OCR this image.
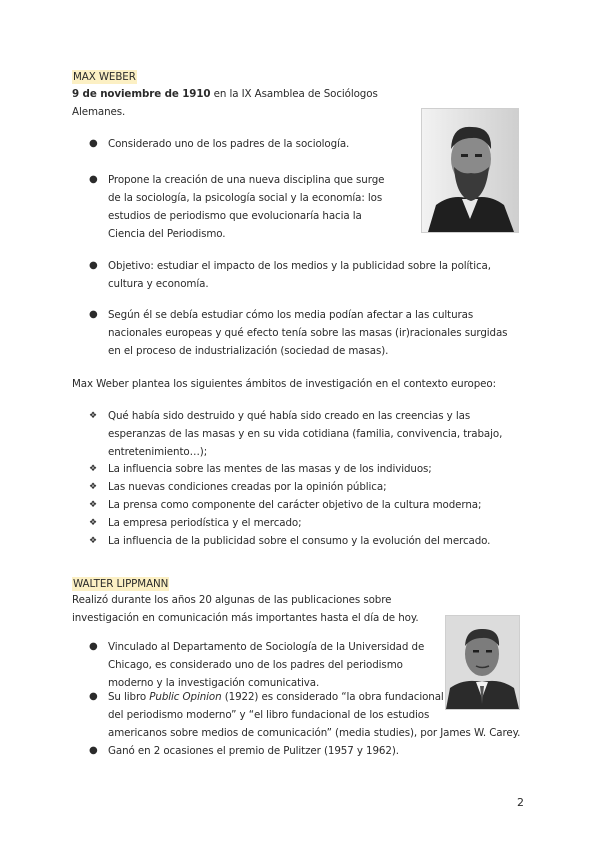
MAX WEBER
9 de noviembre de 1910 en la IX Asamblea de Sociólogos
Alemanes.
● Considerado uno de los padres de la sociología.
● Propone la creación de una nueva disciplina que surge
de la sociología, la psicología social y la economía: los
estudios de periodismo que evolucionaría hacia la
Ciencia del Periodismo.
● Objetivo: estudiar el impacto de los medios y la publicidad sobre la política,
cultura y economía.
● Según él se debía estudiar cómo los media podían afectar a las culturas
nacionales europeas y qué efecto tenía sobre las masas (ir)racionales surgidas
en el proceso de industrialización (sociedad de masas).
Max Weber plantea los siguientes ámbitos de investigación en el contexto europeo:
❖ Qué había sido destruido y qué había sido creado en las creencias y las
esperanzas de las masas y en su vida cotidiana (familia, convivencia, trabajo,
entretenimiento…);
❖ La influencia sobre las mentes de las masas y de los individuos;
❖ Las nuevas condiciones creadas por la opinión pública;
❖ La prensa como componente del carácter objetivo de la cultura moderna;
❖ La empresa periodística y el mercado;
❖ La influencia de la publicidad sobre el consumo y la evolución del mercado.
WALTER LIPPMANN
Realizó durante los años 20 algunas de las publicaciones sobre
investigación en comunicación más importantes hasta el día de hoy.
● Vinculado al Departamento de Sociología de la Universidad de
Chicago, es considerado uno de los padres del periodismo
moderno y la investigación comunicativa.
● Su libro Public Opinion (1922) es considerado “la obra fundacional
del periodismo moderno” y “el libro fundacional de los estudios
americanos sobre medios de comunicación” (media studies), por James W. Carey.
● Ganó en 2 ocasiones el premio de Pulitzer (1957 y 1962).
2
